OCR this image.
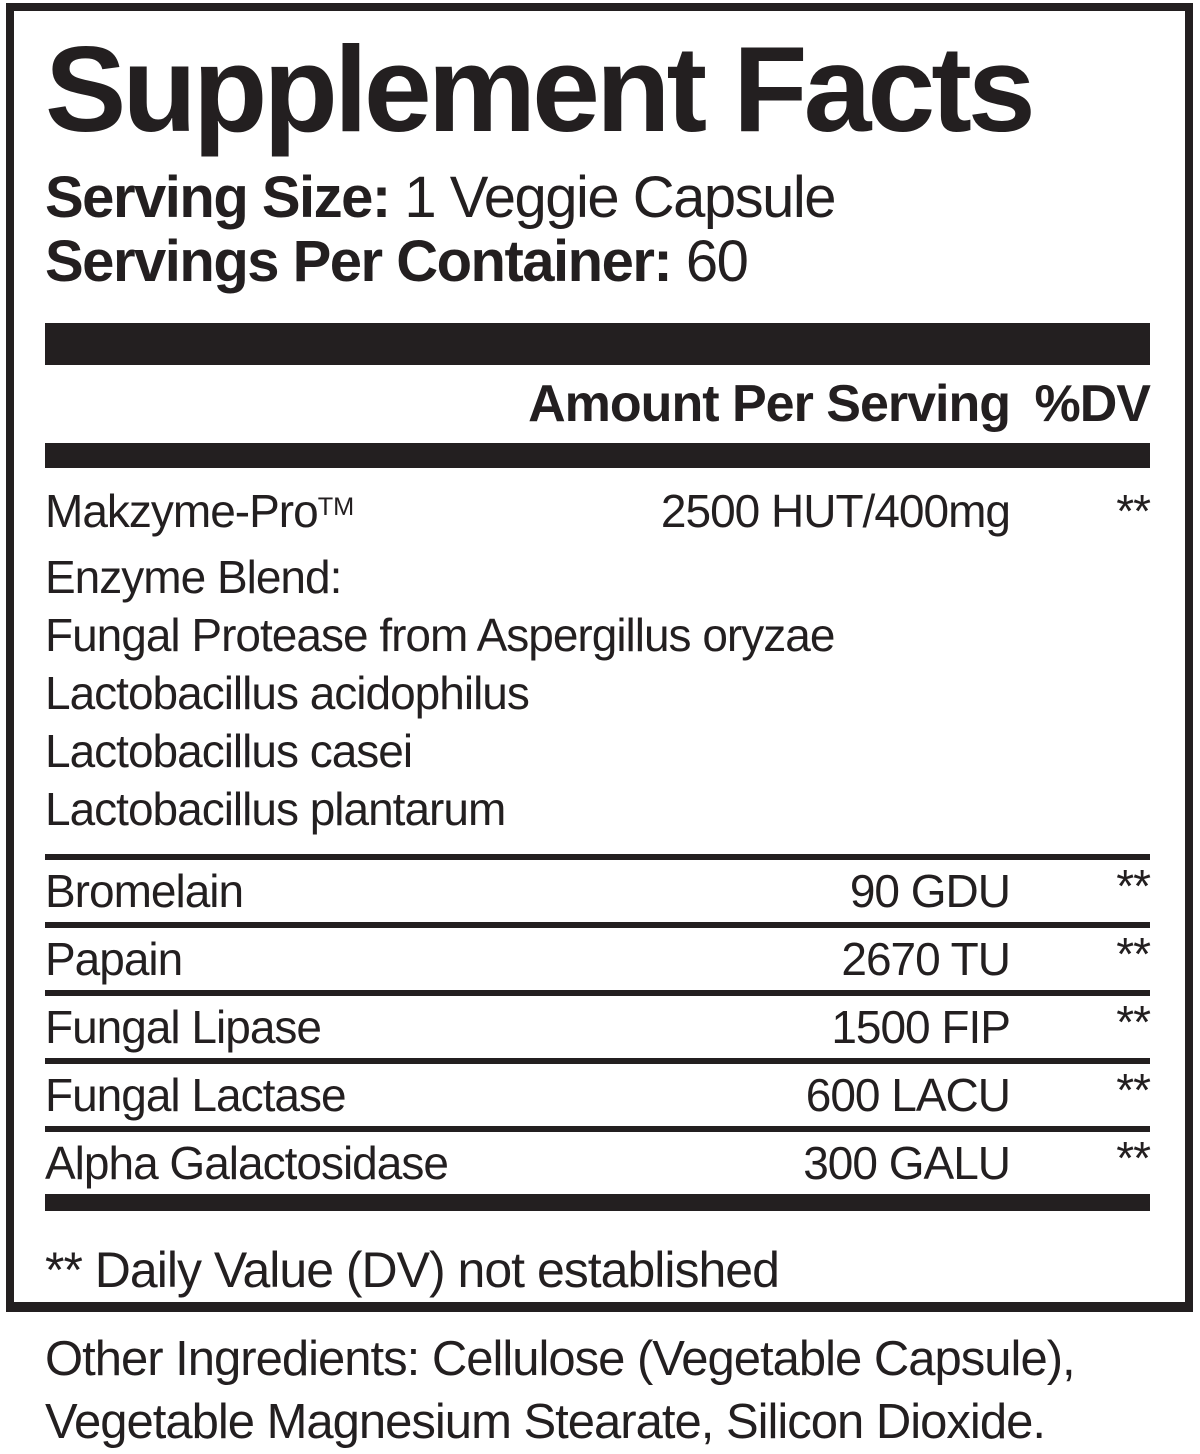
Supplement Facts
Serving Size: 1 Veggie Capsule
Servings Per Container: 60
Amount Per Serving %DV
Makzyme-Pro™	2500 HUT/400mg	**
Enzyme Blend:
Fungal Protease from Aspergillus oryzae
Lactobacillus acidophilus
Lactobacillus casei
Lactobacillus plantarum
Bromelain	90 GDU	**
Papain	2670 TU	**
Fungal Lipase	1500 FIP	**
Fungal Lactase	600 LACU	**
Alpha Galactosidase	300 GALU	**
** Daily Value (DV) not established
Other Ingredients: Cellulose (Vegetable Capsule),
Vegetable Magnesium Stearate, Silicon Dioxide.
